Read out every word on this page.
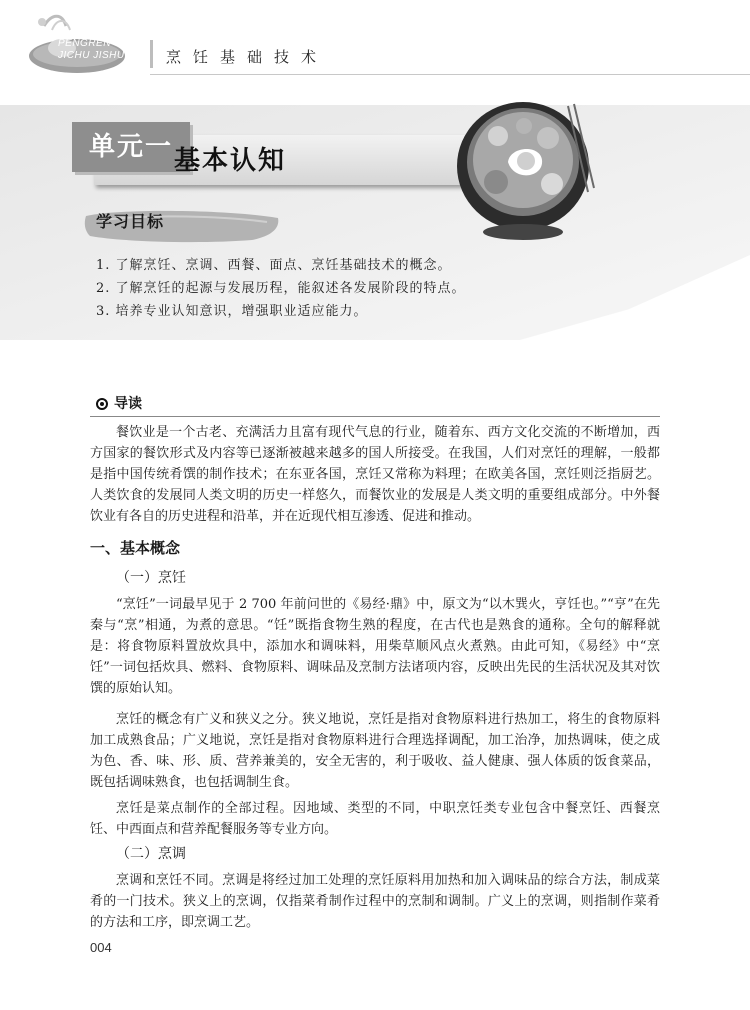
PENGREN
JICHU JISHU	烹饪基础技术
单元一 基本认知
学习目标
1. 了解烹饪、烹调、西餐、面点、烹饪基础技术的概念。
2. 了解烹饪的起源与发展历程，能叙述各发展阶段的特点。
3. 培养专业认知意识，增强职业适应能力。
导读

餐饮业是一个古老、充满活力且富有现代气息的行业，随着东、西方文化交流的不断增加，西方国家的餐饮形式及内容等已逐渐被越来越多的国人所接受。在我国，人们对烹饪的理解，一般都是指中国传统肴馔的制作技术；在东亚各国，烹饪又常称为料理；在欧美各国，烹饪则泛指厨艺。人类饮食的发展同人类文明的历史一样悠久，而餐饮业的发展是人类文明的重要组成部分。中外餐饮业有各自的历史进程和沿革，并在近现代相互渗透、促进和推动。

一、基本概念
（一）烹饪

“烹饪”一词最早见于 2 700 年前问世的《易经·鼎》中，原文为“以木巽火，亨饪也。”“亨”在先秦与“烹”相通，为煮的意思。“饪”既指食物生熟的程度，在古代也是熟食的通称。全句的解释就是：将食物原料置放炊具中，添加水和调味料，用柴草顺风点火煮熟。由此可知，《易经》中“烹饪”一词包括炊具、燃料、食物原料、调味品及烹制方法诸项内容，反映出先民的生活状况及其对饮馔的原始认知。

烹饪的概念有广义和狭义之分。狭义地说，烹饪是指对食物原料进行热加工，将生的食物原料加工成熟食品；广义地说，烹饪是指对食物原料进行合理选择调配，加工治净，加热调味，使之成为色、香、味、形、质、营养兼美的，安全无害的，利于吸收、益人健康、强人体质的饭食菜品，既包括调味熟食，也包括调制生食。

烹饪是菜点制作的全部过程。因地域、类型的不同，中职烹饪类专业包含中餐烹饪、西餐烹饪、中西面点和营养配餐服务等专业方向。

（二）烹调

烹调和烹饪不同。烹调是将经过加工处理的烹饪原料用加热和加入调味品的综合方法，制成菜肴的一门技术。狭义上的烹调，仅指菜肴制作过程中的烹制和调制。广义上的烹调，则指制作菜肴的方法和工序，即烹调工艺。

004
